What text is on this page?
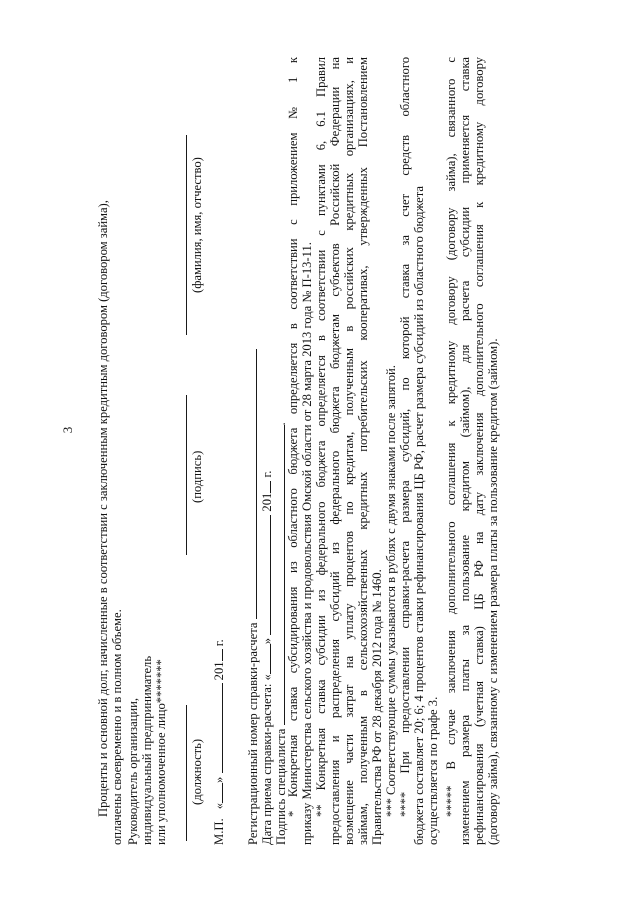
3 Проценты и основной долг, начисленные в соответствии с заключенным кредитным договором (договором займа), оплачены своевременно и в полном объеме. Руководитель организации, индивидуальный предприниматель или уполномоченное лицо******* (должность)
(подпись)
(фамилия, имя, отчество)
М.П. «»  201 г. Регистрационный номер справки-расчета Дата приема справки-расчета: «»  201 г.
Подпись специалиста .
* Конкретная ставка субсидирования из областного бюджета определяется в соответствии с приложением № 1 к приказу Министерства сельского хозяйства и продовольствия Омской области от 28 марта 2013 года № П-13-11. ** Конкретная ставка субсидии из федерального бюджета определяется в соответствии с пунктами 6, 6.1 Правил предоставления и распределения субсидий из федерального бюджета бюджетам субъектов Российской Федерации на возмещение части затрат на уплату процентов по кредитам, полученным в российских кредитных организациях, и займам, полученным в сельскохозяйственных кредитных потребительских кооперативах, утвержденных Постановлением Правительства РФ от 28 декабря 2012 года № 1460. *** Соответствующие суммы указываются в рублях с двумя знаками после запятой. **** При предоставлении справки-расчета размера субсидий, по которой ставка за счет средств областного бюджета составляет 20; 6; 4 процентов ставки рефинансирования ЦБ РФ, расчет размера субсидий из областного бюджета осуществляется по графе 3. ***** В случае заключения дополнительного соглашения к кредитному договору (договору займа), связанного с изменением размера платы за пользование кредитом (займом), для расчета субсидии применяется ставка рефинансирования (учетная ставка) ЦБ РФ на дату заключения дополнительного соглашения к кредитному договору (договору займа), связанному с изменением размера платы за пользование кредитом (займом).
